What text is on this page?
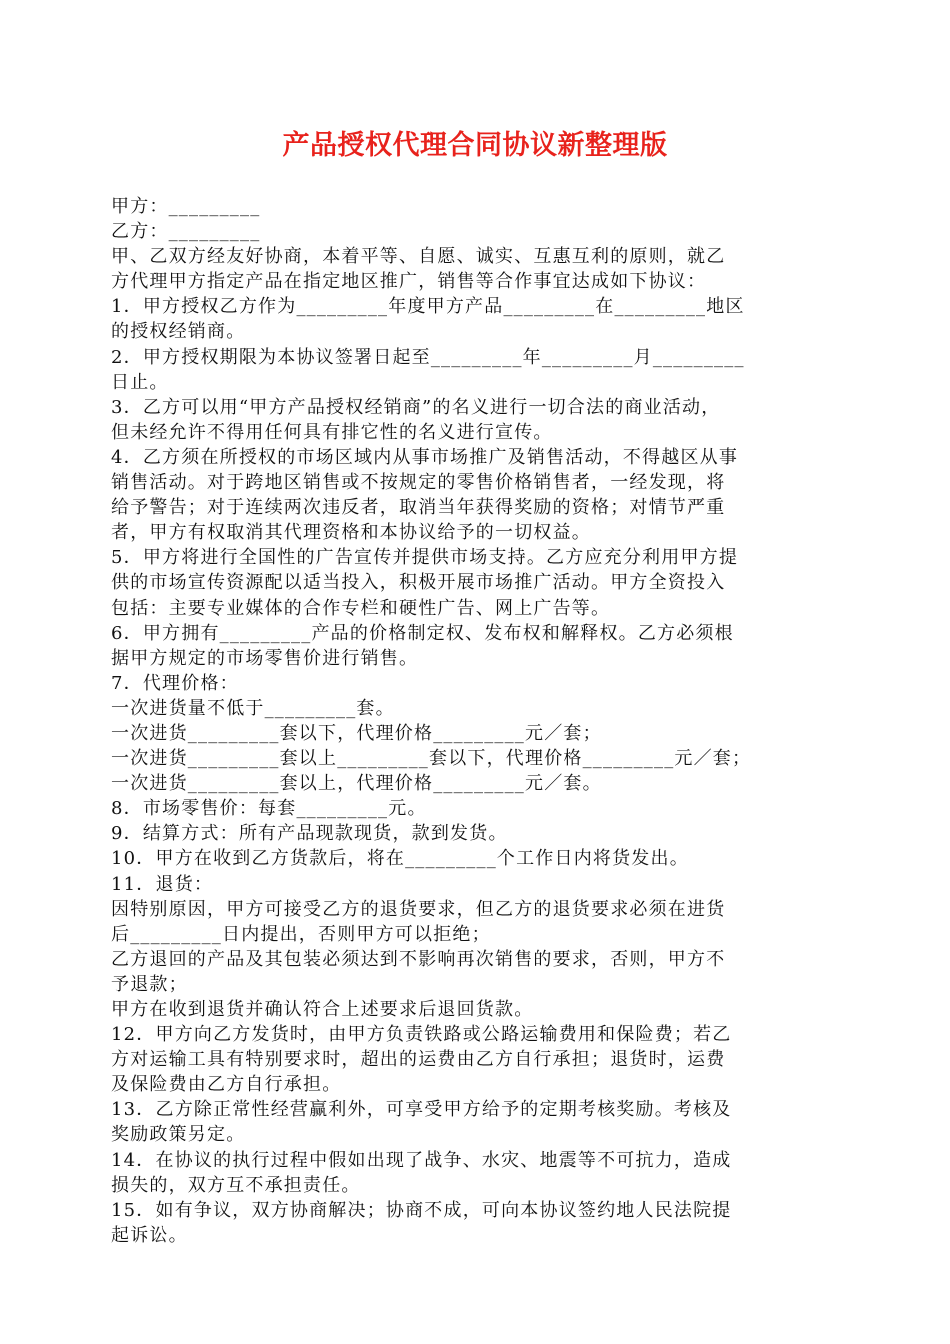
产品授权代理合同协议新整理版
甲方：_________
乙方：_________
甲、乙双方经友好协商，本着平等、自愿、诚实、互惠互利的原则，就乙
方代理甲方指定产品在指定地区推广，销售等合作事宜达成如下协议：
1．甲方授权乙方作为_________年度甲方产品_________在_________地区
的授权经销商。
2．甲方授权期限为本协议签署日起至_________年_________月_________
日止。
3．乙方可以用“甲方产品授权经销商”的名义进行一切合法的商业活动，
但未经允许不得用任何具有排它性的名义进行宣传。
4．乙方须在所授权的市场区域内从事市场推广及销售活动，不得越区从事
销售活动。对于跨地区销售或不按规定的零售价格销售者，一经发现，将
给予警告；对于连续两次违反者，取消当年获得奖励的资格；对情节严重
者，甲方有权取消其代理资格和本协议给予的一切权益。
5．甲方将进行全国性的广告宣传并提供市场支持。乙方应充分利用甲方提
供的市场宣传资源配以适当投入，积极开展市场推广活动。甲方全资投入
包括：主要专业媒体的合作专栏和硬性广告、网上广告等。
6．甲方拥有_________产品的价格制定权、发布权和解释权。乙方必须根
据甲方规定的市场零售价进行销售。
7．代理价格：
一次进货量不低于_________套。
一次进货_________套以下，代理价格_________元／套；
一次进货_________套以上_________套以下，代理价格_________元／套；
一次进货_________套以上，代理价格_________元／套。
8．市场零售价：每套_________元。
9．结算方式：所有产品现款现货，款到发货。
10．甲方在收到乙方货款后，将在_________个工作日内将货发出。
11．退货：
因特别原因，甲方可接受乙方的退货要求，但乙方的退货要求必须在进货
后_________日内提出，否则甲方可以拒绝；
乙方退回的产品及其包装必须达到不影响再次销售的要求，否则，甲方不
予退款；
甲方在收到退货并确认符合上述要求后退回货款。
12．甲方向乙方发货时，由甲方负责铁路或公路运输费用和保险费；若乙
方对运输工具有特别要求时，超出的运费由乙方自行承担；退货时，运费
及保险费由乙方自行承担。
13．乙方除正常性经营赢利外，可享受甲方给予的定期考核奖励。考核及
奖励政策另定。
14．在协议的执行过程中假如出现了战争、水灾、地震等不可抗力，造成
损失的，双方互不承担责任。
15．如有争议，双方协商解决；协商不成，可向本协议签约地人民法院提
起诉讼。
